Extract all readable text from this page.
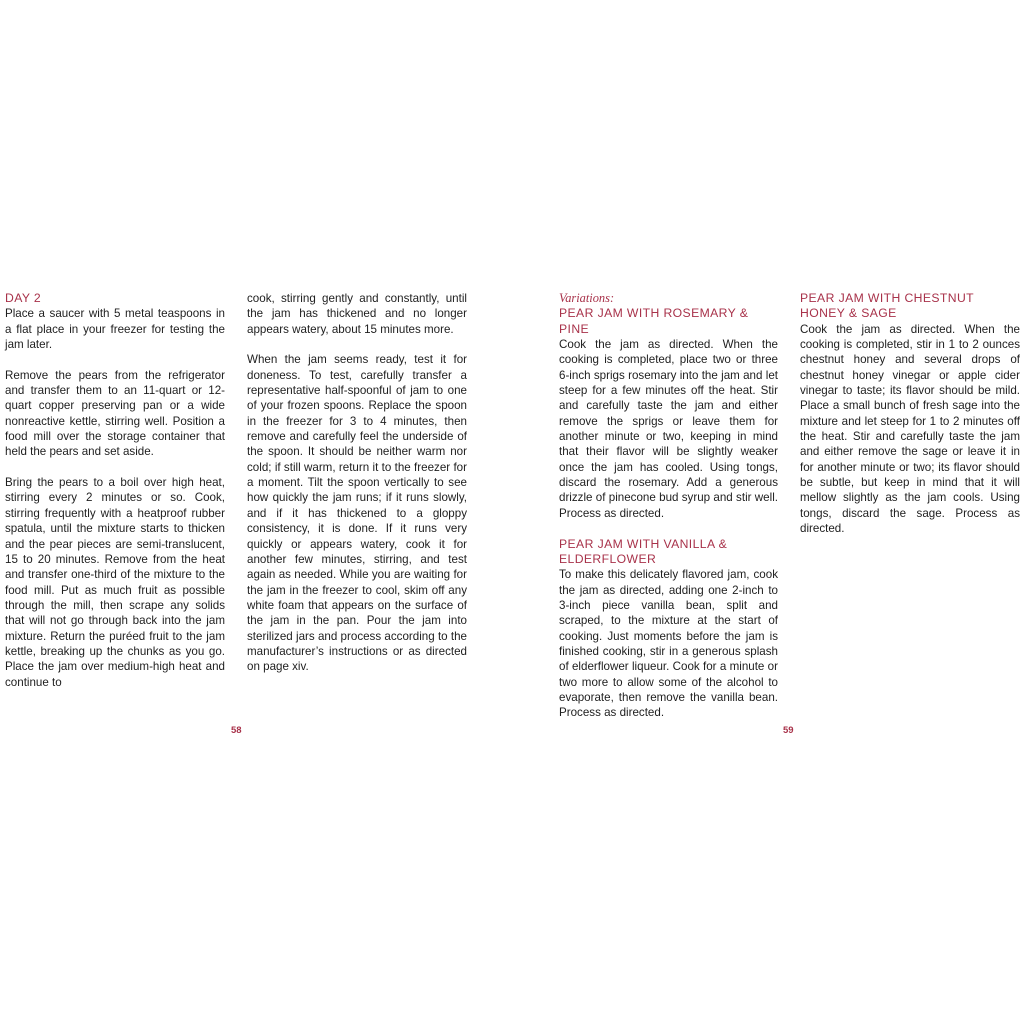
DAY 2

Place a saucer with 5 metal teaspoons in a flat place in your freezer for testing the jam later.

Remove the pears from the refrigerator and transfer them to an 11-quart or 12-quart copper preserving pan or a wide nonreactive kettle, stirring well. Position a food mill over the storage container that held the pears and set aside.

Bring the pears to a boil over high heat, stirring every 2 minutes or so. Cook, stirring frequently with a heatproof rubber spatula, until the mixture starts to thicken and the pear pieces are semi-translucent, 15 to 20 minutes. Remove from the heat and transfer one-third of the mixture to the food mill. Put as much fruit as possible through the mill, then scrape any solids that will not go through back into the jam mixture. Return the puréed fruit to the jam kettle, breaking up the chunks as you go. Place the jam over medium-high heat and continue to

cook, stirring gently and constantly, until the jam has thickened and no longer appears watery, about 15 minutes more.

When the jam seems ready, test it for doneness. To test, carefully transfer a representative half-spoonful of jam to one of your frozen spoons. Replace the spoon in the freezer for 3 to 4 minutes, then remove and carefully feel the underside of the spoon. It should be neither warm nor cold; if still warm, return it to the freezer for a moment. Tilt the spoon vertically to see how quickly the jam runs; if it runs slowly, and if it has thickened to a gloppy consistency, it is done. If it runs very quickly or appears watery, cook it for another few minutes, stirring, and test again as needed. While you are waiting for the jam in the freezer to cool, skim off any white foam that appears on the surface of the jam in the pan. Pour the jam into sterilized jars and process according to the manufacturer’s instructions or as directed on page xiv.

58

Variations:

PEAR JAM WITH ROSEMARY & PINE

Cook the jam as directed. When the cooking is completed, place two or three 6-inch sprigs rosemary into the jam and let steep for a few minutes off the heat. Stir and carefully taste the jam and either remove the sprigs or leave them for another minute or two, keeping in mind that their flavor will be slightly weaker once the jam has cooled. Using tongs, discard the rosemary. Add a generous drizzle of pinecone bud syrup and stir well. Process as directed.

PEAR JAM WITH VANILLA & ELDERFLOWER

To make this delicately flavored jam, cook the jam as directed, adding one 2-inch to 3-inch piece vanilla bean, split and scraped, to the mixture at the start of cooking. Just moments before the jam is finished cooking, stir in a generous splash of elderflower liqueur. Cook for a minute or two more to allow some of the alcohol to evaporate, then remove the vanilla bean. Process as directed.

PEAR JAM WITH CHESTNUT HONEY & SAGE

Cook the jam as directed. When the cooking is completed, stir in 1 to 2 ounces chestnut honey and several drops of chestnut honey vinegar or apple cider vinegar to taste; its flavor should be mild. Place a small bunch of fresh sage into the mixture and let steep for 1 to 2 minutes off the heat. Stir and carefully taste the jam and either remove the sage or leave it in for another minute or two; its flavor should be subtle, but keep in mind that it will mellow slightly as the jam cools. Using tongs, discard the sage. Process as directed.

59
